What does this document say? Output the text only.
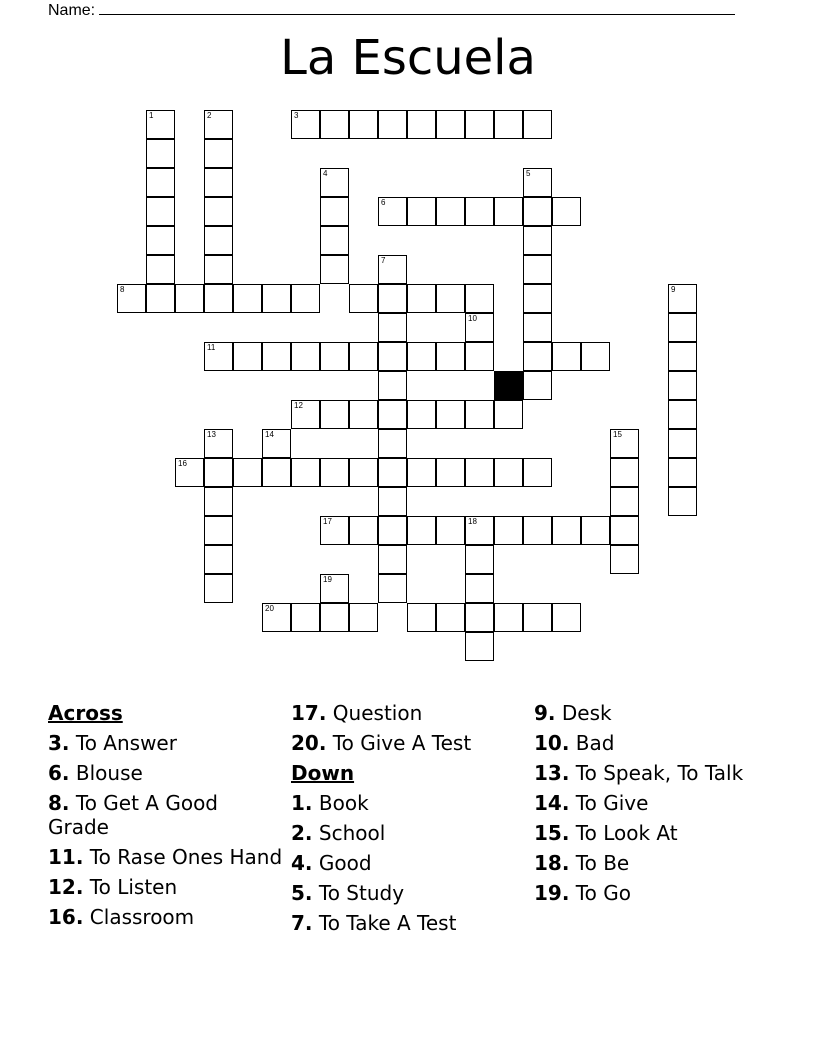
Name:
La Escuela
1	2	3
4	5
6
7
8	9
10
11
12
13	14	15
16
17	18
19
20
Across
3. To Answer
6. Blouse
8. To Get A Good Grade
11. To Rase Ones Hand
12. To Listen
16. Classroom
17. Question
20. To Give A Test
Down
1. Book
2. School
4. Good
5. To Study
7. To Take A Test
9. Desk
10. Bad
13. To Speak, To Talk
14. To Give
15. To Look At
18. To Be
19. To Go
